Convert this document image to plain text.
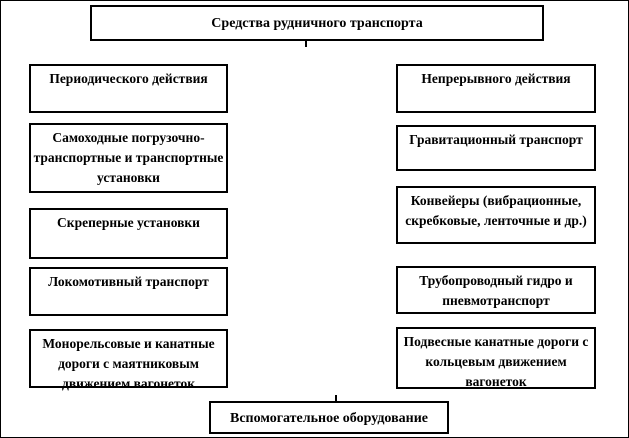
Средства рудничного транспорта
Периодического действия
Самоходные погрузочно-транспортные и транспортные установки
Скреперные установки
Локомотивный транспорт
Монорельсовые и канатные дороги с маятниковым движением вагонеток
Непрерывного действия
Гравитационный транспорт
Конвейеры (вибрационные, скребковые, ленточные и др.)
Трубопроводный гидро и пневмотранспорт
Подвесные канатные дороги с кольцевым движением вагонеток
Вспомогательное оборудование
